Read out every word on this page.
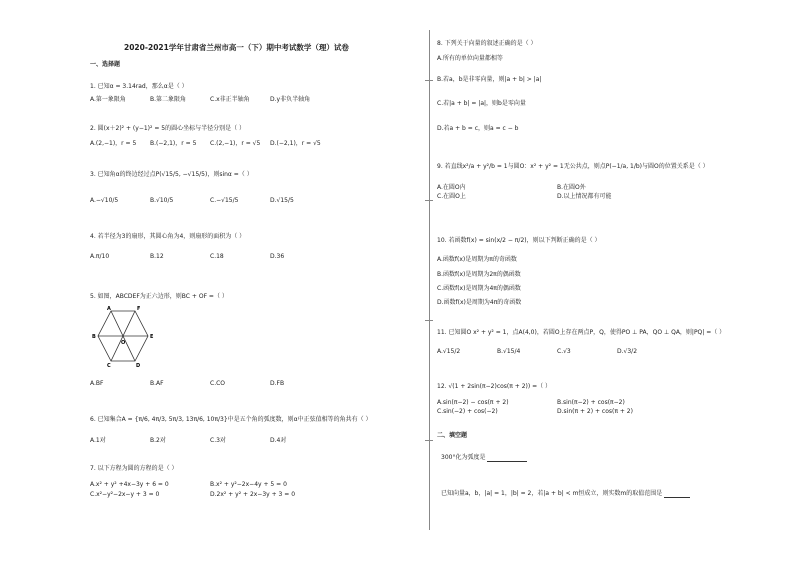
2020-2021学年甘肃省兰州市高一（下）期中考试数学（理）试卷
一、选择题
1. 已知α = 3.14rad，那么α是（ ）
A.第一象限角	B.第二象限角	C.x非正半轴角	D.y非负半轴角
2. 圆(x＋2)² + (y−1)² = 5的圆心坐标与半径分别是（ ）
A.(2,−1)，r = 5 B.(−2,1)，r = 5 C.(2,−1)，r = √5 D.(−2,1)，r = √5
3. 已知角α的终边经过点P(√15/5, −√15/5)，则sinα =（ ）
A.−√10/5	B.√10/5	C.−√15/5	D.√15/5
4. 若半径为3的扇形，其圆心角为4，则扇形的面积为（ ）
A.π/10	B.12	C.18	D.36
5. 如图，ABCDEF为正六边形，则BC + OF =（ ）
A	F
B	E
C	D
O
A.BF	B.AF	C.CO	D.FB
6. 已知集合A = {π/6, 4π/3, 5π/3, 13π/6, 10π/3}中是五个角的弧度数，则α中正弦值相等的角共有（ ）
A.1对	B.2对	C.3对	D.4对
7. 以下方程为圆的方程的是（ ）
A.x² + y² +4x−3y + 6 = 0	B.x² + y²−2x−4y + 5 = 0
C.x²−y²−2x−y + 3 = 0	D.2x² + y² + 2x−3y + 3 = 0
8. 下列关于向量的叙述正确的是（ ）
A.所有的单位向量都相等
B.若a，b是非零向量，则|a + b| > |a|
C.若|a + b| = |a|，则b是零向量
D.若a + b = c，则a = c − b
9. 若直线x²/a + y²/b = 1与圆O：x² + y² = 1无公共点，则点P(−1/a, 1/b)与圆O的位置关系是（ ）
A.在圆O内	B.在圆O外
C.在圆O上	D.以上情况都有可能
10. 若函数f(x) = sin(x/2 − π/2)，则以下判断正确的是（ ）
A.函数f(x)是周期为π的奇函数
B.函数f(x)是周期为2π的偶函数
C.函数f(x)是周期为4π的偶函数
D.函数f(x)是周期为4π的奇函数
11. 已知圆O x² + y² = 1，点A(4,0)，若圆O上存在两点P，Q，使得PO ⊥ PA，QO ⊥ QA，则|PQ| =（ ）
A.√15/2	B.√15/4	C.√3	D.√3/2
12. √(1 + 2sin(π−2)cos(π + 2)) =（ ）
A.sin(π−2) − cos(π + 2)	B.sin(π−2) + cos(π−2)
C.sin(−2) + cos(−2)	D.sin(π + 2) + cos(π + 2)
二、填空题
300°化为弧度是
已知向量a，b，|a| = 1，|b| = 2，若|a + b| < m恒成立，则实数m的取值范围是
